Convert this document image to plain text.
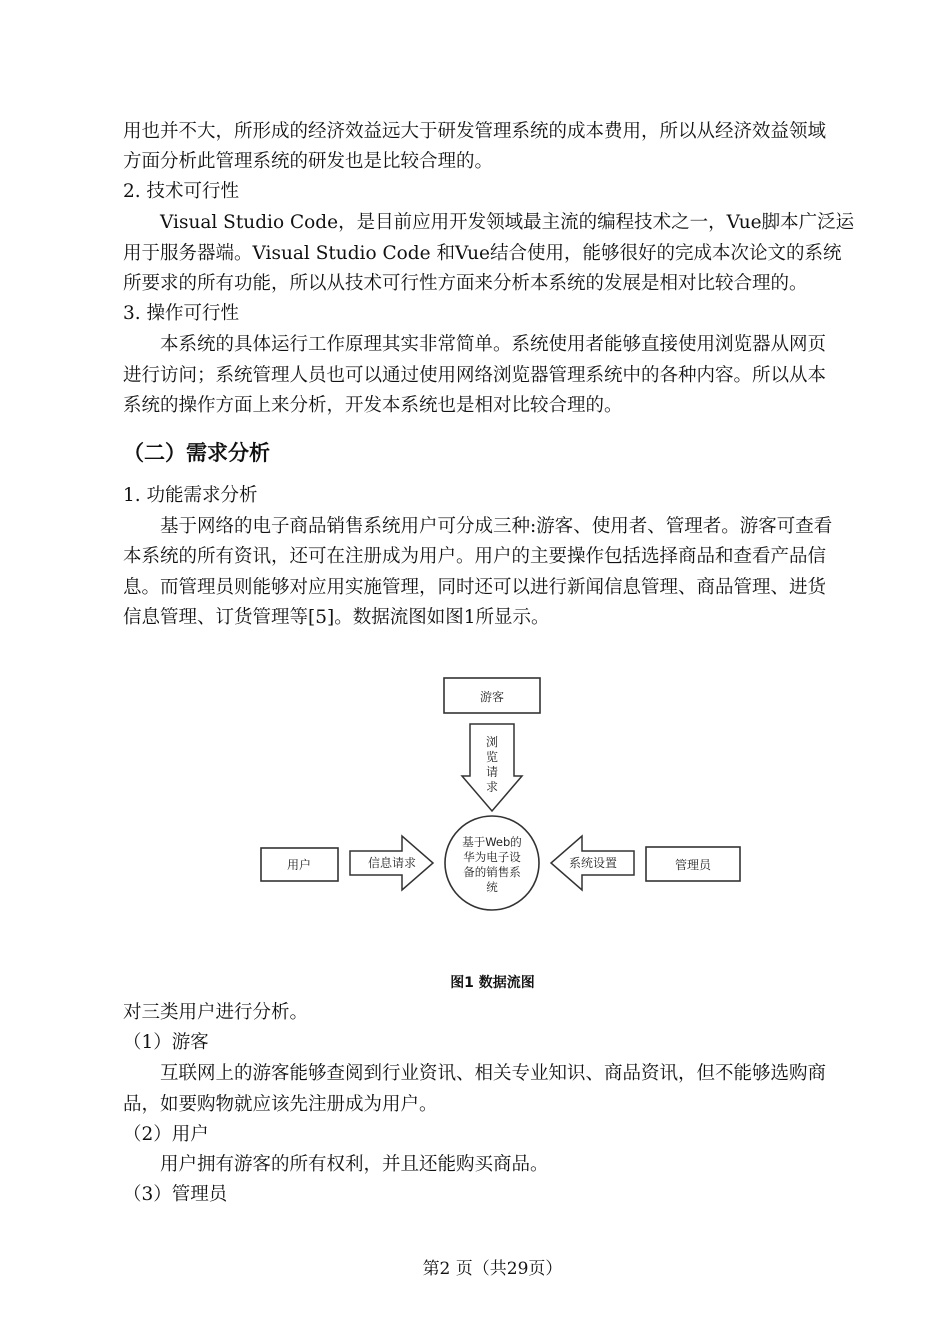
用也并不大，所形成的经济效益远大于研发管理系统的成本费用，所以从经济效益领域
方面分析此管理系统的研发也是比较合理的。
2. 技术可行性
Visual Studio Code，是目前应用开发领域最主流的编程技术之一，Vue脚本广泛运
用于服务器端。Visual Studio Code 和Vue结合使用，能够很好的完成本次论文的系统
所要求的所有功能，所以从技术可行性方面来分析本系统的发展是相对比较合理的。
3. 操作可行性
本系统的具体运行工作原理其实非常简单。系统使用者能够直接使用浏览器从网页
进行访问；系统管理人员也可以通过使用网络浏览器管理系统中的各种内容。所以从本
系统的操作方面上来分析，开发本系统也是相对比较合理的。
（二）需求分析
1. 功能需求分析
基于网络的电子商品销售系统用户可分成三种:游客、使用者、管理者。游客可查看
本系统的所有资讯，还可在注册成为用户。用户的主要操作包括选择商品和查看产品信
息。而管理员则能够对应用实施管理，同时还可以进行新闻信息管理、商品管理、进货
信息管理、订货管理等[5]。数据流图如图1所显示。
游客
浏
览
请
求
基于Web的
华为电子设
备的销售系
统
用户	信息请求	系统设置	管理员
图1 数据流图
对三类用户进行分析。
（1）游客
互联网上的游客能够查阅到行业资讯、相关专业知识、商品资讯，但不能够选购商
品，如要购物就应该先注册成为用户。
（2）用户
用户拥有游客的所有权利，并且还能购买商品。
（3）管理员
第2 页（共29页）
